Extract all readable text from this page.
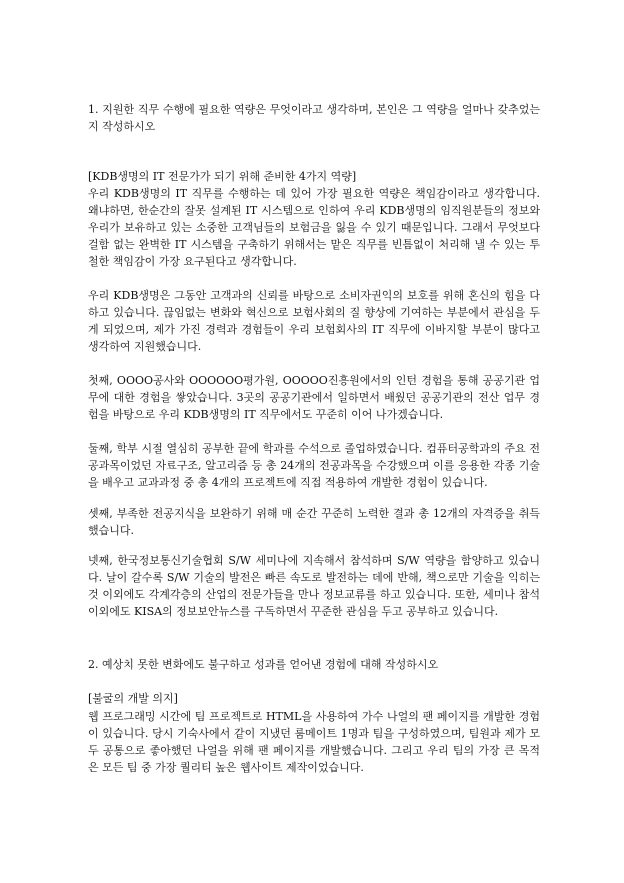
1. 지원한 직무 수행에 필요한 역량은 무엇이라고 생각하며, 본인은 그 역량을 얼마나 갖추었는지 작성하시오

[KDB생명의 IT 전문가가 되기 위해 준비한 4가지 역량]

우리 KDB생명의 IT 직무를 수행하는 데 있어 가장 필요한 역량은 책임감이라고 생각합니다. 왜냐하면, 한순간의 잘못 설계된 IT 시스템으로 인하여 우리 KDB생명의 임직원분들의 정보와 우리가 보유하고 있는 소중한 고객님들의 보험금을 잃을 수 있기 때문입니다. 그래서 무엇보다 걸함 없는 완벽한 IT 시스템을 구축하기 위해서는 맡은 직무를 빈틈없이 처리해 낼 수 있는 투철한 책임감이 가장 요구된다고 생각합니다.

우리 KDB생명은 그동안 고객과의 신뢰를 바탕으로 소비자권익의 보호를 위해 혼신의 힘을 다하고 있습니다. 끊임없는 변화와 혁신으로 보험사회의 질 향상에 기여하는 부분에서 관심을 두게 되었으며, 제가 가진 경력과 경험들이 우리 보험회사의 IT 직무에 이바지할 부분이 많다고 생각하여 지원했습니다.

첫째, OOOO공사와 OOOOOO평가원, OOOOO진흥원에서의 인턴 경험을 통해 공공기관 업무에 대한 경험을 쌓았습니다. 3곳의 공공기관에서 일하면서 배웠던 공공기관의 전산 업무 경험을 바탕으로 우리 KDB생명의 IT 직무에서도 꾸준히 이어 나가겠습니다.

둘째, 학부 시절 열심히 공부한 끝에 학과를 수석으로 졸업하였습니다. 컴퓨터공학과의 주요 전공과목이었던 자료구조, 알고리즘 등 총 24개의 전공과목을 수강했으며 이를 응용한 각종 기술을 배우고 교과과정 중 총 4개의 프로젝트에 직접 적용하여 개발한 경험이 있습니다.

셋째, 부족한 전공지식을 보완하기 위해 매 순간 꾸준히 노력한 결과 총 12개의 자격증을 취득했습니다.

넷째, 한국정보통신기술협회 S/W 세미나에 지속해서 참석하며 S/W 역량을 함양하고 있습니다. 날이 갈수록 S/W 기술의 발전은 빠른 속도로 발전하는 데에 반해, 책으로만 기술을 익히는 것 이외에도 각계각층의 산업의 전문가들을 만나 정보교류를 하고 있습니다. 또한, 세미나 참석 이외에도 KISA의 정보보안뉴스를 구독하면서 꾸준한 관심을 두고 공부하고 있습니다.

2. 예상치 못한 변화에도 불구하고 성과를 얻어낸 경험에 대해 작성하시오

[불굴의 개발 의지]

웹 프로그래밍 시간에 팀 프로젝트로 HTML을 사용하여 가수 나얼의 팬 페이지를 개발한 경험이 있습니다. 당시 기숙사에서 같이 지냈던 룸메이트 1명과 팀을 구성하였으며, 팀원과 제가 모두 공통으로 좋아했던 나얼을 위해 팬 페이지를 개발했습니다. 그리고 우리 팀의 가장 큰 목적은 모든 팀 중 가장 퀄리티 높은 웹사이트 제작이었습니다.
